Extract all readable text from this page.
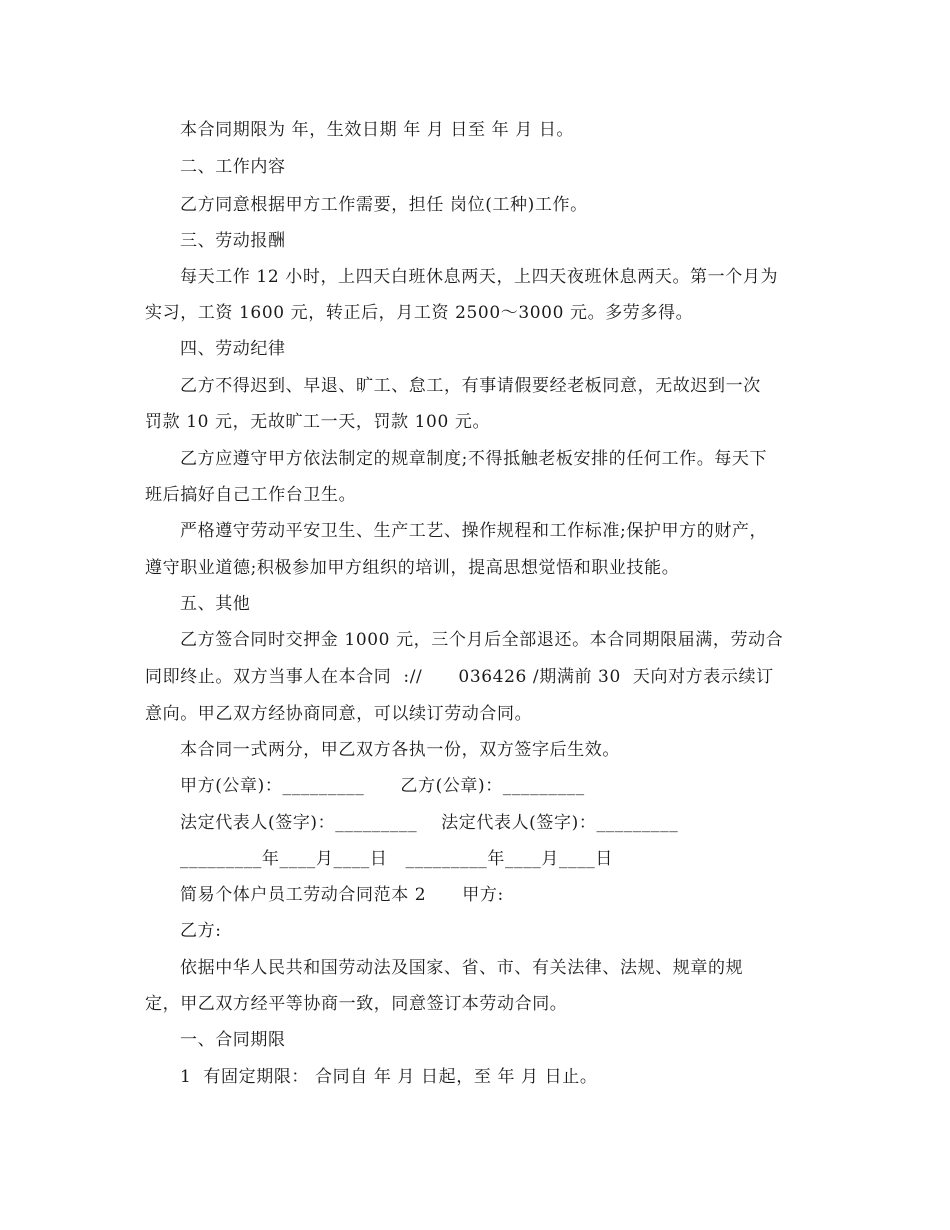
本合同期限为 年，生效日期 年 月 日至 年 月 日。
二、工作内容
乙方同意根据甲方工作需要，担任 岗位(工种)工作。
三、劳动报酬
每天工作 12 小时，上四天白班休息两天，上四天夜班休息两天。第一个月为
实习，工资 1600 元，转正后，月工资 2500～3000 元。多劳多得。
四、劳动纪律
乙方不得迟到、早退、旷工、怠工，有事请假要经老板同意，无故迟到一次
罚款 10 元，无故旷工一天，罚款 100 元。
乙方应遵守甲方依法制定的规章制度;不得抵触老板安排的任何工作。每天下
班后搞好自己工作台卫生。
严格遵守劳动平安卫生、生产工艺、操作规程和工作标准;保护甲方的财产，
遵守职业道德;积极参加甲方组织的培训，提高思想觉悟和职业技能。
五、其他
乙方签合同时交押金 1000 元，三个月后全部退还。本合同期限届满，劳动合
同即终止。双方当事人在本合同  ://      036426 /期满前 30  天向对方表示续订
意向。甲乙双方经协商同意，可以续订劳动合同。
本合同一式两分，甲乙双方各执一份，双方签字后生效。
甲方(公章)：_________      乙方(公章)：_________
法定代表人(签字)：_________    法定代表人(签字)：_________
_________年____月____日   _________年____月____日
简易个体户员工劳动合同范本 2      甲方:
乙方:
依据中华人民共和国劳动法及国家、省、市、有关法律、法规、规章的规
定，甲乙双方经平等协商一致，同意签订本劳动合同。
一、合同期限
1  有固定期限： 合同自 年 月 日起，至 年 月 日止。
